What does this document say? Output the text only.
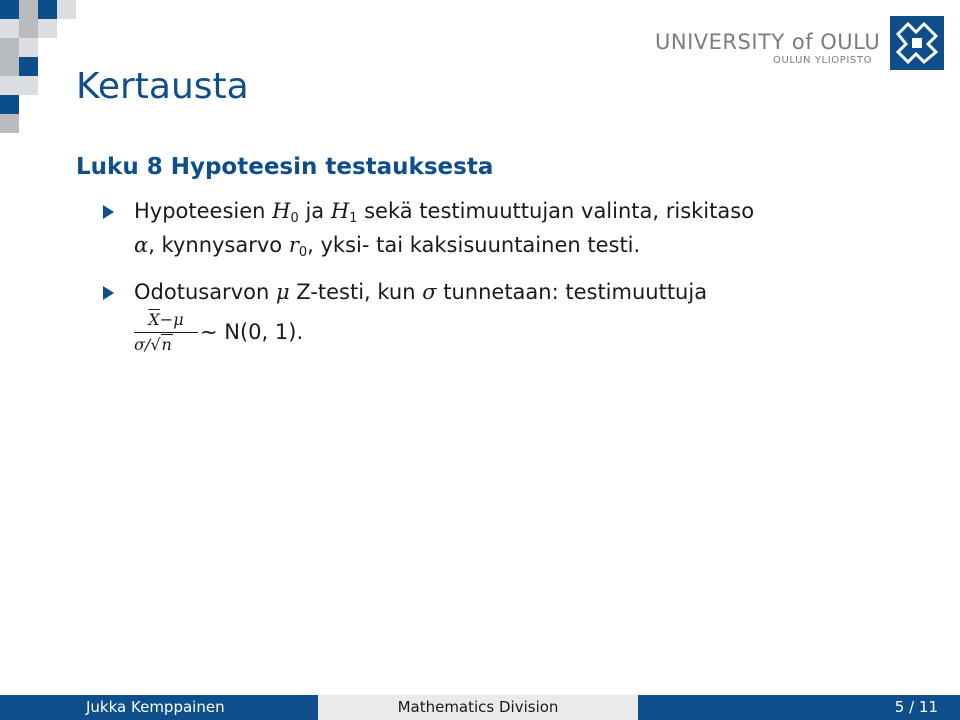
Kertausta
UNIVERSITY of OULU
OULUN YLIOPISTO
Luku 8 Hypoteesin testauksesta
Hypoteesien $H_0$ ja $H_1$ sekä testimuuttujan valinta, riskitaso
α, kynnysarvo $r_0$, yksi- tai kaksisuuntainen testi.
Odotusarvon μ Z-testi, kun σ tunnetaan: testimuuttuja
$\overline{X}-\mu$
σ/√n
∼ N(0, 1).
Jukka Kemppainen	Mathematics Division	5 / 11
